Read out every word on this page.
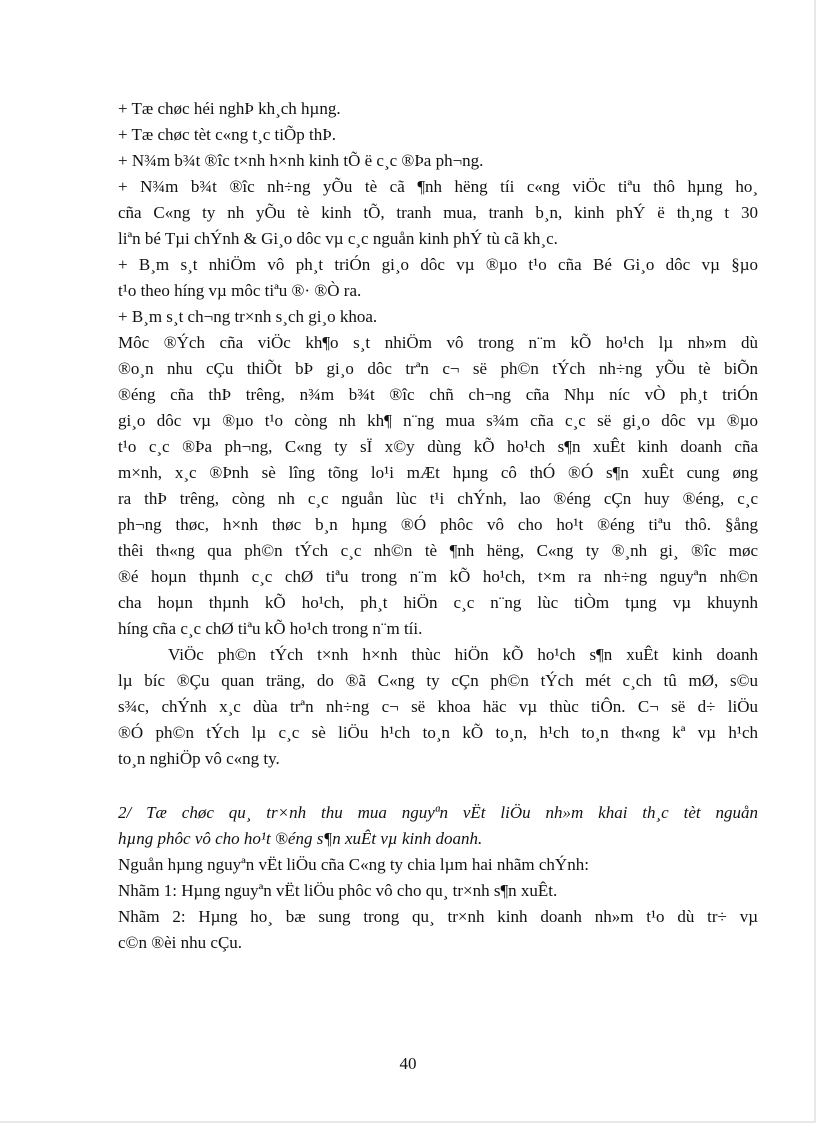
+ Tæ chøc héi nghÞ kh¸ch hµng.
+ Tæ chøc tèt c«ng t¸c tiÕp thÞ.
+ N¾m b¾t ®îc t×nh h×nh kinh tÕ ë c¸c ®Þa ph¬ng.
+ N¾m b¾t ®îc nh÷ng yÕu tè cã ¶nh hëng tíi c«ng viÖc tiªu thô hµng ho¸
cña C«ng ty nh yÕu tè kinh tÕ, tranh mua, tranh b¸n, kinh phÝ ë th¸ng t 30
liªn bé Tµi chÝnh & Gi¸o dôc vµ c¸c nguån kinh phÝ tù cã kh¸c.
+ B¸m s¸t nhiÖm vô ph¸t triÓn gi¸o dôc vµ ®µo t¹o cña Bé Gi¸o dôc vµ §µo
t¹o theo híng vµ môc tiªu ®· ®Ò ra.
+ B¸m s¸t ch¬ng tr×nh s¸ch gi¸o khoa.
Môc ®Ých cña viÖc kh¶o s¸t nhiÖm vô trong n¨m kÕ ho¹ch lµ nh»m dù
®o¸n nhu cÇu thiÕt bÞ gi¸o dôc trªn c¬ së ph©n tÝch nh÷ng yÕu tè biÕn
®éng cña thÞ trêng, n¾m b¾t ®îc chñ ch¬ng cña Nhµ níc vÒ ph¸t triÓn
gi¸o dôc vµ ®µo t¹o còng nh kh¶ n¨ng mua s¾m cña c¸c së gi¸o dôc vµ ®µo
t¹o c¸c ®Þa ph¬ng, C«ng ty sÏ x©y dùng kÕ ho¹ch s¶n xuÊt kinh doanh cña
m×nh, x¸c ®Þnh sè lîng tõng lo¹i mÆt hµng cô thÓ ®Ó s¶n xuÊt cung øng
ra thÞ trêng, còng nh c¸c nguån lùc t¹i chÝnh, lao ®éng cÇn huy ®éng, c¸c
ph¬ng thøc, h×nh thøc b¸n hµng ®Ó phôc vô cho ho¹t ®éng tiªu thô. §ång
thêi th«ng qua ph©n tÝch c¸c nh©n tè ¶nh hëng, C«ng ty ®¸nh gi¸ ®îc møc
®é hoµn thµnh c¸c chØ tiªu trong n¨m kÕ ho¹ch, t×m ra nh÷ng nguyªn nh©n
cha hoµn thµnh kÕ ho¹ch, ph¸t hiÖn c¸c n¨ng lùc tiÒm tµng vµ khuynh
híng cña c¸c chØ tiªu kÕ ho¹ch trong n¨m tíi.
ViÖc ph©n tÝch t×nh h×nh thùc hiÖn kÕ ho¹ch s¶n xuÊt kinh doanh
lµ bíc ®Çu quan träng, do ®ã C«ng ty cÇn ph©n tÝch mét c¸ch tû mØ, s©u
s¾c, chÝnh x¸c dùa trªn nh÷ng c¬ së khoa häc vµ thùc tiÔn. C¬ së d÷ liÖu
®Ó ph©n tÝch lµ c¸c sè liÖu h¹ch to¸n kÕ to¸n, h¹ch to¸n th«ng kª vµ h¹ch
to¸n nghiÖp vô c«ng ty.
2/ Tæ chøc qu¸ tr×nh thu mua nguyªn vËt liÖu nh»m khai th¸c tèt nguån
hµng phôc vô cho ho¹t ®éng s¶n xuÊt vµ kinh doanh.
Nguån hµng nguyªn vËt liÖu cña C«ng ty chia lµm hai nhãm chÝnh:
Nhãm 1: Hµng nguyªn vËt liÖu phôc vô cho qu¸ tr×nh s¶n xuÊt.
Nhãm 2: Hµng ho¸ bæ sung trong qu¸ tr×nh kinh doanh nh»m t¹o dù tr÷ vµ
c©n ®èi nhu cÇu.
40
